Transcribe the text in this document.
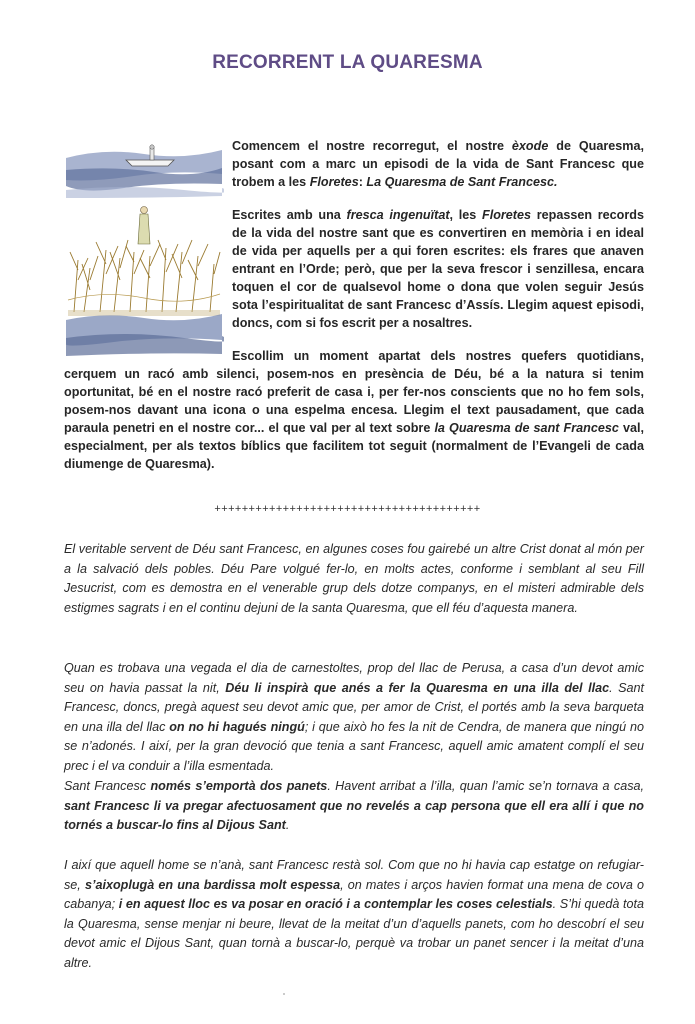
RECORRENT LA QUARESMA

Comencem el nostre recorregut, el nostre èxode de Quaresma, posant com a marc un episodi de la vida de Sant Francesc que trobem a les Floretes: La Quaresma de Sant Francesc.

Escrites amb una fresca ingenuïtat, les Floretes repassen records de la vida del nostre sant que es convertiren en memòria i en ideal de vida per aquells per a qui foren escrites: els frares que anaven entrant en l’Orde; però, que per la seva frescor i senzillesa, encara toquen el cor de qualsevol home o dona que volen seguir Jesús sota l’espiritualitat de sant Francesc d’Assís. Llegim aquest episodi, doncs, com si fos escrit per a nosaltres.

Escollim un moment apartat dels nostres quefers quotidians, cerquem un racó amb silenci, posem-nos en presència de Déu, bé a la natura si tenim oportunitat, bé en el nostre racó preferit de casa i, per fer-nos conscients que no ho fem sols, posem-nos davant una icona o una espelma encesa. Llegim el text pausadament, que cada paraula penetri en el nostre cor... el que val per al text sobre la Quaresma de sant Francesc val, especialment, per als textos bíblics que facilitem tot seguit (normalment de l’Evangeli de cada diumenge de Quaresma).

+++++++++++++++++++++++++++++++++++++++
El veritable servent de Déu sant Francesc, en algunes coses fou gairebé un altre Crist donat al món per a la salvació dels pobles. Déu Pare volgué fer-lo, en molts actes, conforme i semblant al seu Fill Jesucrist, com es demostra en el venerable grup dels dotze companys, en el misteri admirable dels estigmes sagrats i en el continu dejuni de la santa Quaresma, que ell féu d’aquesta manera.
Quan es trobava una vegada el dia de carnestoltes, prop del llac de Perusa, a casa d’un devot amic seu on havia passat la nit, Déu li inspirà que anés a fer la Quaresma en una illa del llac. Sant Francesc, doncs, pregà aquest seu devot amic que, per amor de Crist, el portés amb la seva barqueta en una illa del llac on no hi hagués ningú; i que això ho fes la nit de Cendra, de manera que ningú no se n’adonés. I així, per la gran devoció que tenia a sant Francesc, aquell amic amatent complí el seu prec i el va conduir a l’illa esmentada.
Sant Francesc només s’emportà dos panets. Havent arribat a l’illa, quan l’amic se’n tornava a casa, sant Francesc li va pregar afectuosament que no revelés a cap persona que ell era allí i que no tornés a buscar-lo fins al Dijous Sant.
I així que aquell home se n’anà, sant Francesc restà sol. Com que no hi havia cap estatge on refugiar-se, s’aixoplugà en una bardissa molt espessa, on mates i arços havien format una mena de cova o cabanya; i en aquest lloc es va posar en oració i a contemplar les coses celestials. S’hi quedà tota la Quaresma, sense menjar ni beure, llevat de la meitat d’un d’aquells panets, com ho descobrí el seu devot amic el Dijous Sant, quan tornà a buscar-lo, perquè va trobar un panet sencer i la meitat d’una altre.
